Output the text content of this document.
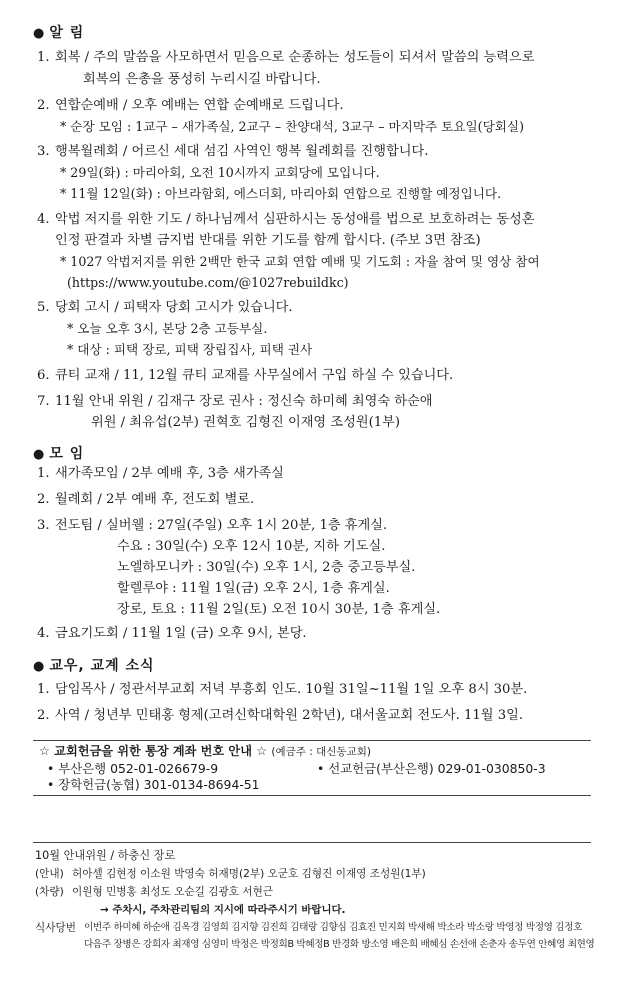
● 알 림
1. 회복 / 주의 말씀을 사모하면서 믿음으로 순종하는 성도들이 되셔서 말씀의 능력으로
회복의 은총을 풍성히 누리시길 바랍니다.
2. 연합순예배 / 오후 예배는 연합 순예배로 드립니다.
* 순장 모임 : 1교구 – 새가족실, 2교구 – 찬양대석, 3교구 – 마지막주 토요일(당회실)
3. 행복월례회 / 어르신 세대 섬김 사역인 행복 월례회를 진행합니다.
* 29일(화) : 마리아회, 오전 10시까지 교회당에 모입니다.
* 11월 12일(화) : 아브라함회, 에스더회, 마리아회 연합으로 진행할 예정입니다.
4. 악법 저지를 위한 기도 / 하나님께서 심판하시는 동성애를 법으로 보호하려는 동성혼
인정 판결과 차별 금지법 반대를 위한 기도를 함께 합시다. (주보 3면 참조)
* 1027 악법저지를 위한 2백만 한국 교회 연합 예배 및 기도회 : 자율 참여 및 영상 참여
(https://www.youtube.com/@1027rebuildkc)
5. 당회 고시 / 피택자 당회 고시가 있습니다.
* 오늘 오후 3시, 본당 2층 고등부실.
* 대상 : 피택 장로, 피택 장립집사, 피택 권사
6. 큐티 교재 / 11, 12월 큐티 교재를 사무실에서 구입 하실 수 있습니다.
7. 11월 안내 위원 / 김재구 장로 권사 : 정신숙 하미혜 최영숙 하순애
위원 / 최유섭(2부) 권혁호 김형진 이재영 조성원(1부)
● 모 임
1. 새가족모임 / 2부 예배 후, 3층 새가족실
2. 월례회 / 2부 예배 후, 전도회 별로.
3. 전도팀 / 실버웰 : 27일(주일) 오후 1시 20분, 1층 휴게실.
수요 : 30일(수) 오후 12시 10분, 지하 기도실.
노엘하모니카 : 30일(수) 오후 1시, 2층 중고등부실.
할렐루야 : 11월 1일(금) 오후 2시, 1층 휴게실.
장로, 토요 : 11월 2일(토) 오전 10시 30분, 1층 휴게실.
4. 금요기도회 / 11월 1일 (금) 오후 9시, 본당.
● 교우, 교계 소식
1. 담임목사 / 정관서부교회 저녁 부흥회 인도. 10월 31일~11월 1일 오후 8시 30분.
2. 사역 / 청년부 민태홍 형제(고려신학대학원 2학년), 대서울교회 전도사. 11월 3일.
☆ 교회헌금을 위한 통장 계좌 번호 안내 ☆ (예금주 : 대신동교회)
• 부산은행 052-01-026679-9	• 선교헌금(부산은행) 029-01-030850-3
• 장학헌금(농협) 301-0134-8694-51
10월 안내위원 / 하충신 장로
(안내) 허아셀 김현정 이소원 박영숙 허재명(2부) 오군호 김형진 이재영 조성원(1부)
(차량) 이원형 민병홍 최성도 오순길 김광호 서현근
→ 주차시, 주차관리팀의 지시에 따라주시기 바랍니다.
식사당번 이번주 하미혜 하순애 김옥경 김영희 김지향 김진희 김태랑 김향심 김효진 민지희 박새해 박소라 박소랑 박영정 박정영 김정호
다음주 장병은 강희자 최재영 심영미 박정은 박정희B 박혜정B 반경화 방소영 배은희 배혜심 손선애 손춘자 송두연 안혜영 최현영
